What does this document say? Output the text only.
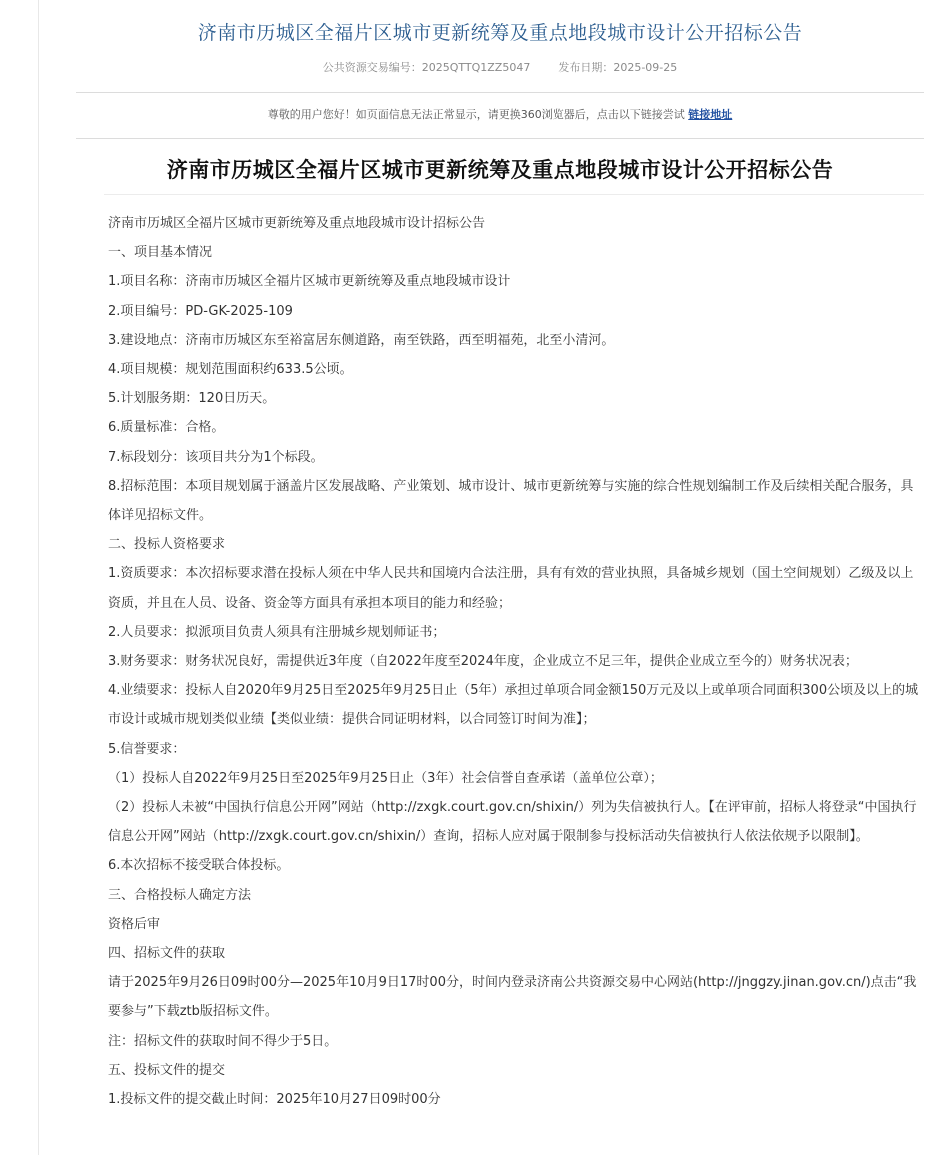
济南市历城区全福片区城市更新统筹及重点地段城市设计公开招标公告
公共资源交易编号：2025QTTQ1ZZ5047	发布日期：2025-09-25
尊敬的用户您好！如页面信息无法正常显示，请更换360浏览器后，点击以下链接尝试 链接地址
济南市历城区全福片区城市更新统筹及重点地段城市设计公开招标公告

济南市历城区全福片区城市更新统筹及重点地段城市设计招标公告

一、项目基本情况

1.项目名称：济南市历城区全福片区城市更新统筹及重点地段城市设计

2.项目编号：PD-GK-2025-109

3.建设地点：济南市历城区东至裕富居东侧道路，南至铁路，西至明福苑，北至小清河。

4.项目规模：规划范围面积约633.5公顷。

5.计划服务期：120日历天。

6.质量标准：合格。

7.标段划分：该项目共分为1个标段。

8.招标范围：本项目规划属于涵盖片区发展战略、产业策划、城市设计、城市更新统筹与实施的综合性规划编制工作及后续相关配合服务，具体详见招标文件。

二、投标人资格要求

1.资质要求：本次招标要求潜在投标人须在中华人民共和国境内合法注册，具有有效的营业执照，具备城乡规划（国土空间规划）乙级及以上资质，并且在人员、设备、资金等方面具有承担本项目的能力和经验；

2.人员要求：拟派项目负责人须具有注册城乡规划师证书；

3.财务要求：财务状况良好，需提供近3年度（自2022年度至2024年度，企业成立不足三年，提供企业成立至今的）财务状况表；

4.业绩要求：投标人自2020年9月25日至2025年9月25日止（5年）承担过单项合同金额150万元及以上或单项合同面积300公顷及以上的城市设计或城市规划类似业绩【类似业绩：提供合同证明材料，以合同签订时间为准】；

5.信誉要求：

（1）投标人自2022年9月25日至2025年9月25日止（3年）社会信誉自查承诺（盖单位公章）；

（2）投标人未被“中国执行信息公开网”网站（http://zxgk.court.gov.cn/shixin/）列为失信被执行人。【在评审前，招标人将登录“中国执行信息公开网”网站（http://zxgk.court.gov.cn/shixin/）查询，招标人应对属于限制参与投标活动失信被执行人依法依规予以限制】。

6.本次招标不接受联合体投标。

三、合格投标人确定方法

资格后审

四、招标文件的获取

请于2025年9月26日09时00分—2025年10月9日17时00分，时间内登录济南公共资源交易中心网站(http://jnggzy.jinan.gov.cn/)点击“我要参与”下载ztb版招标文件。

注：招标文件的获取时间不得少于5日。

五、投标文件的提交

1.投标文件的提交截止时间：2025年10月27日09时00分
